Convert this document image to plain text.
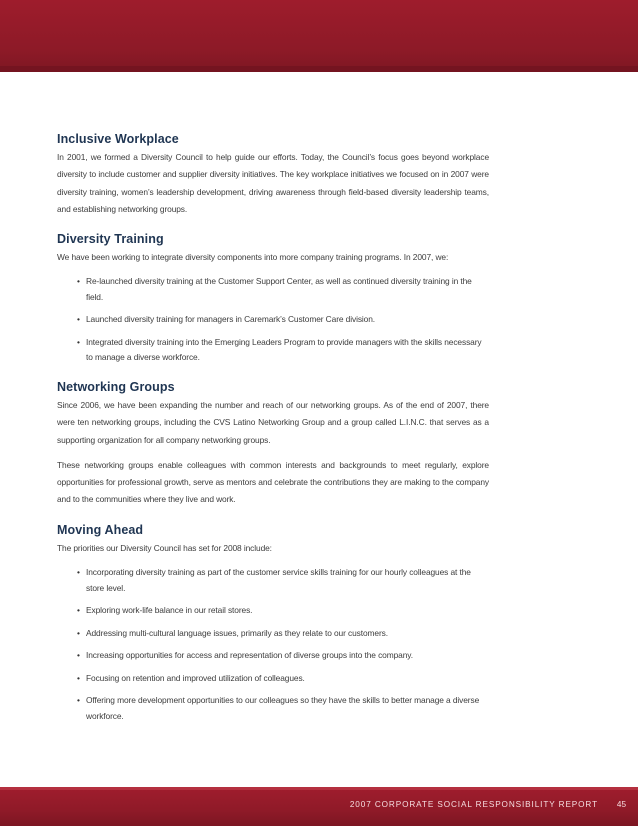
Inclusive Workplace

In 2001, we formed a Diversity Council to help guide our efforts. Today, the Council’s focus goes beyond workplace diversity to include customer and supplier diversity initiatives. The key workplace initiatives we focused on in 2007 were diversity training, women’s leadership development, driving awareness through field-based diversity leadership teams, and establishing networking groups.

Diversity Training

We have been working to integrate diversity components into more company training programs. In 2007, we:

• Re-launched diversity training at the Customer Support Center, as well as continued diversity training in the field.
• Launched diversity training for managers in Caremark’s Customer Care division.
• Integrated diversity training into the Emerging Leaders Program to provide managers with the skills necessary to manage a diverse workforce.
Networking Groups

Since 2006, we have been expanding the number and reach of our networking groups. As of the end of 2007, there were ten networking groups, including the CVS Latino Networking Group and a group called L.I.N.C. that serves as a supporting organization for all company networking groups.

These networking groups enable colleagues with common interests and backgrounds to meet regularly, explore opportunities for professional growth, serve as mentors and celebrate the contributions they are making to the company and to the communities where they live and work.

Moving Ahead

The priorities our Diversity Council has set for 2008 include:

• Incorporating diversity training as part of the customer service skills training for our hourly colleagues at the store level.
• Exploring work-life balance in our retail stores.
• Addressing multi-cultural language issues, primarily as they relate to our customers.
• Increasing opportunities for access and representation of diverse groups into the company.
• Focusing on retention and improved utilization of colleagues.
• Offering more development opportunities to our colleagues so they have the skills to better manage a diverse workforce.
2007 CORPORATE SOCIAL RESPONSIBILITY REPORT 45
